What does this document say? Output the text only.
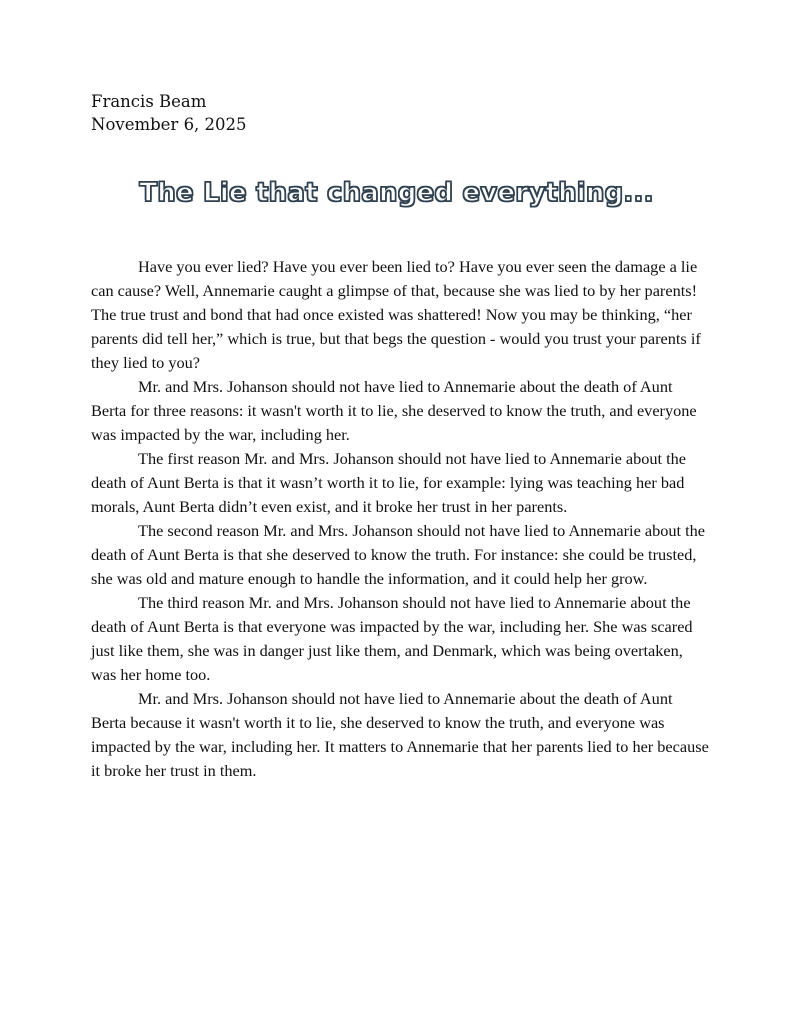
Francis Beam
November 6, 2025
The Lie that changed everything...

Have you ever lied? Have you ever been lied to? Have you ever seen the damage a lie can cause? Well, Annemarie caught a glimpse of that, because she was lied to by her parents! The true trust and bond that had once existed was shattered! Now you may be thinking, “her parents did tell her,” which is true, but that begs the question - would you trust your parents if they lied to you?

Mr. and Mrs. Johanson should not have lied to Annemarie about the death of Aunt Berta for three reasons: it wasn't worth it to lie, she deserved to know the truth, and everyone was impacted by the war, including her.

The first reason Mr. and Mrs. Johanson should not have lied to Annemarie about the death of Aunt Berta is that it wasn’t worth it to lie, for example: lying was teaching her bad morals, Aunt Berta didn’t even exist, and it broke her trust in her parents.

The second reason Mr. and Mrs. Johanson should not have lied to Annemarie about the death of Aunt Berta is that she deserved to know the truth. For instance: she could be trusted, she was old and mature enough to handle the information, and it could help her grow.

The third reason Mr. and Mrs. Johanson should not have lied to Annemarie about the death of Aunt Berta is that everyone was impacted by the war, including her. She was scared just like them, she was in danger just like them, and Denmark, which was being overtaken, was her home too.

Mr. and Mrs. Johanson should not have lied to Annemarie about the death of Aunt Berta because it wasn't worth it to lie, she deserved to know the truth, and everyone was impacted by the war, including her. It matters to Annemarie that her parents lied to her because it broke her trust in them.
